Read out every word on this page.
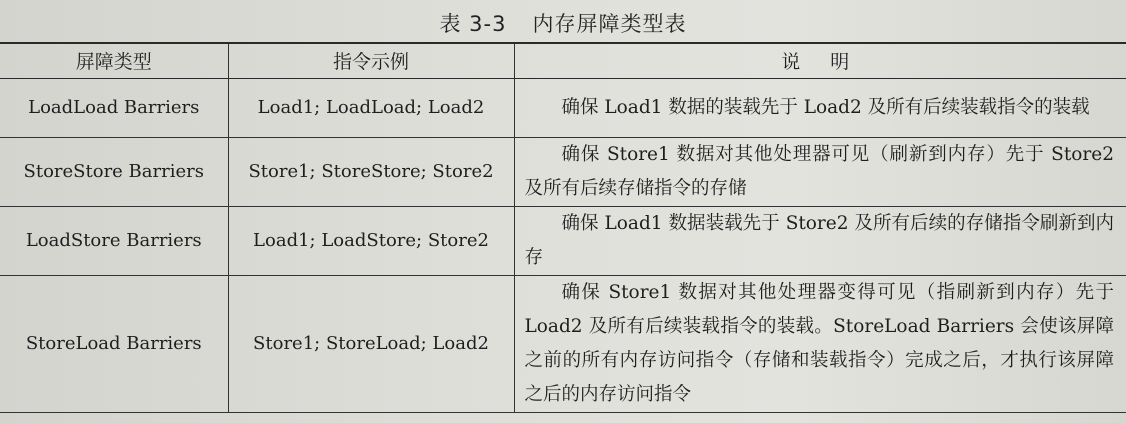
表 3-3 内存屏障类型表
屏障类型	指令示例	说明
LoadLoad Barriers	Load1; LoadLoad; Load2	确保 Load1 数据的装载先于 Load2 及所有后续装载指令的装载
StoreStore Barriers	Store1; StoreStore; Store2	确保 Store1 数据对其他处理器可见（刷新到内存）先于 Store2 及所有后续存储指令的存储
LoadStore Barriers	Load1; LoadStore; Store2	确保 Load1 数据装载先于 Store2 及所有后续的存储指令刷新到内存
StoreLoad Barriers	Store1; StoreLoad; Load2	确保 Store1 数据对其他处理器变得可见（指刷新到内存）先于 Load2 及所有后续装载指令的装载。StoreLoad Barriers 会使该屏障之前的所有内存访问指令（存储和装载指令）完成之后，才执行该屏障之后的内存访问指令
